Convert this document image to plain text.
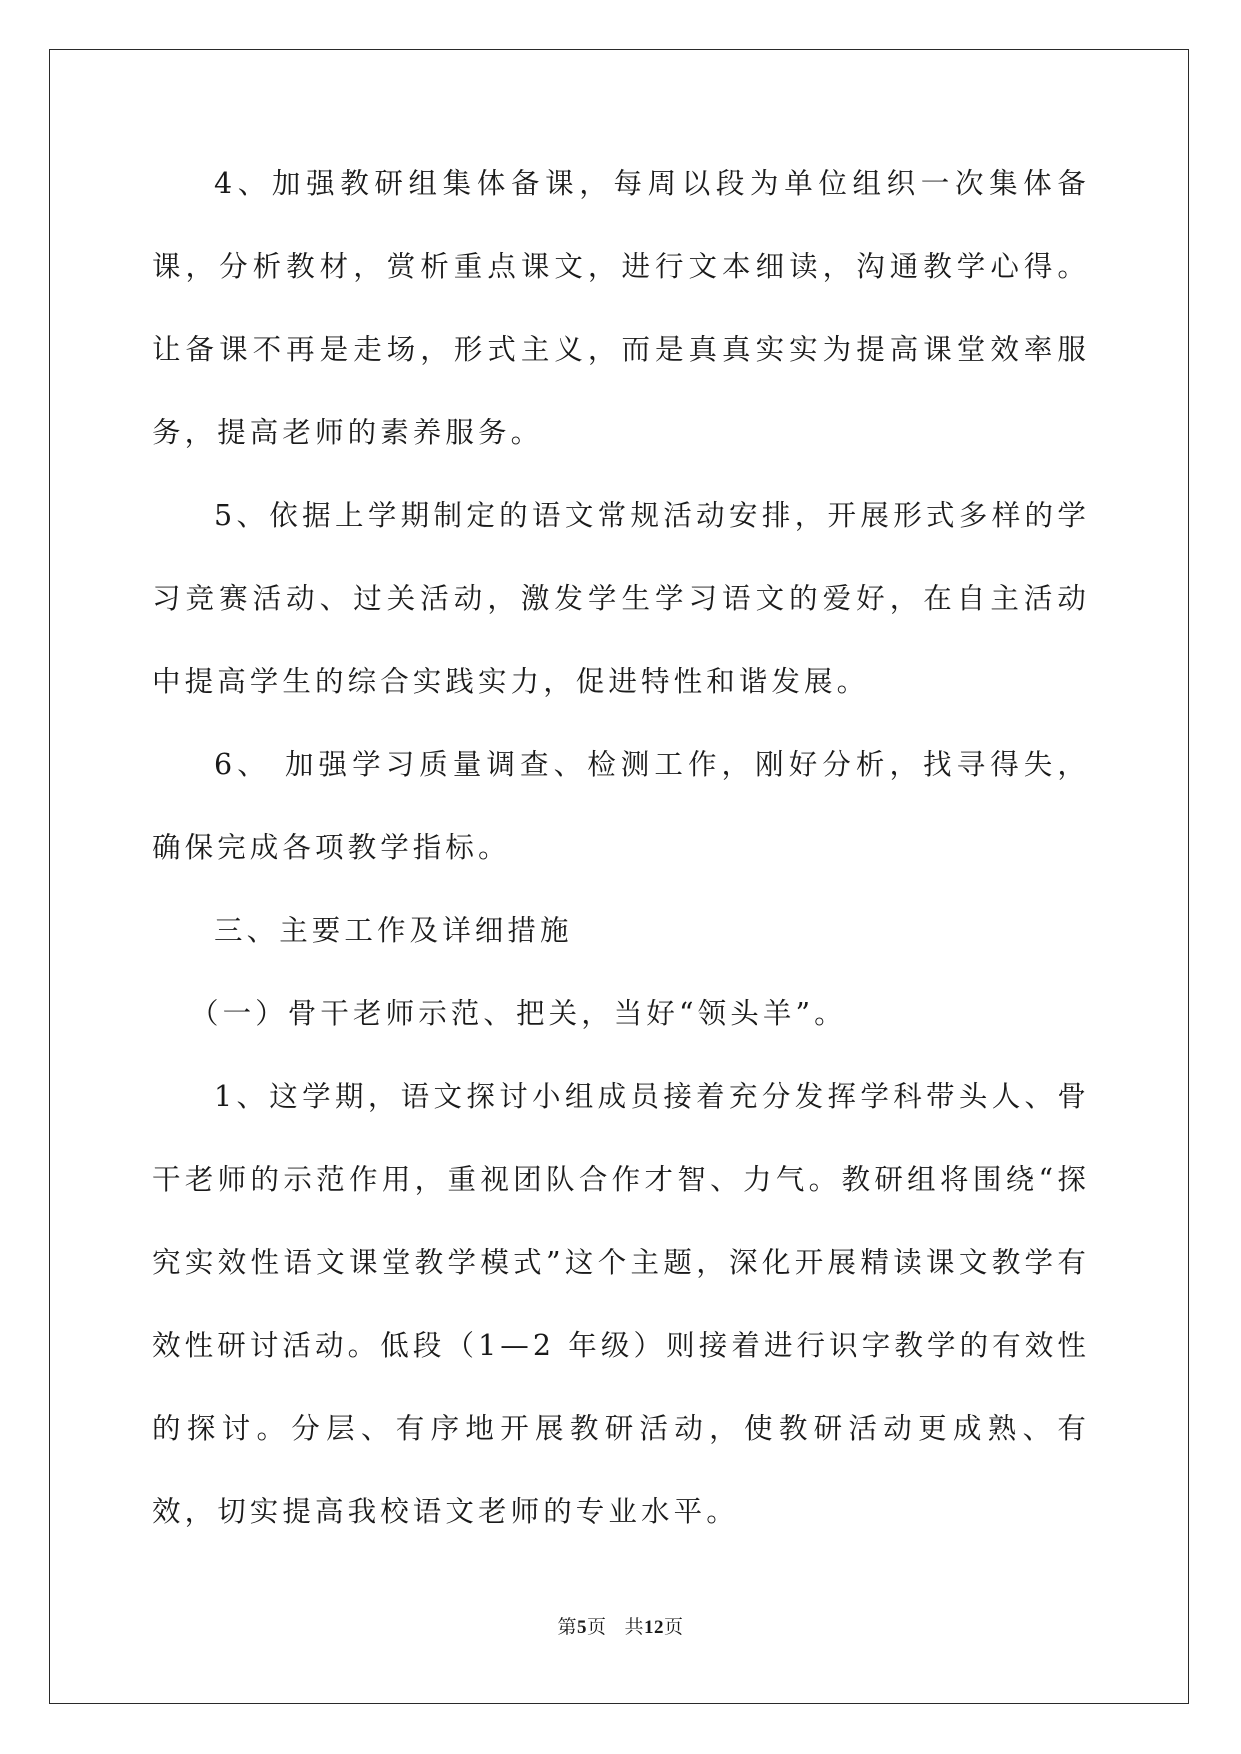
4、加强教研组集体备课，每周以段为单位组织一次集体备课，分析教材，赏析重点课文，进行文本细读，沟通教学心得。让备课不再是走场，形式主义，而是真真实实为提高课堂效率服务，提高老师的素养服务。

5、依据上学期制定的语文常规活动安排，开展形式多样的学习竞赛活动、过关活动，激发学生学习语文的爱好，在自主活动中提高学生的综合实践实力，促进特性和谐发展。

6、 加强学习质量调查、检测工作，刚好分析，找寻得失，确保完成各项教学指标。

三、主要工作及详细措施

（一）骨干老师示范、把关，当好“领头羊”。

1、这学期，语文探讨小组成员接着充分发挥学科带头人、骨干老师的示范作用，重视团队合作才智、力气。教研组将围绕“探究实效性语文课堂教学模式”这个主题，深化开展精读课文教学有效性研讨活动。低段（1—2 年级）则接着进行识字教学的有效性的探讨。分层、有序地开展教研活动，使教研活动更成熟、有效，切实提高我校语文老师的专业水平。

第5页 共12页
